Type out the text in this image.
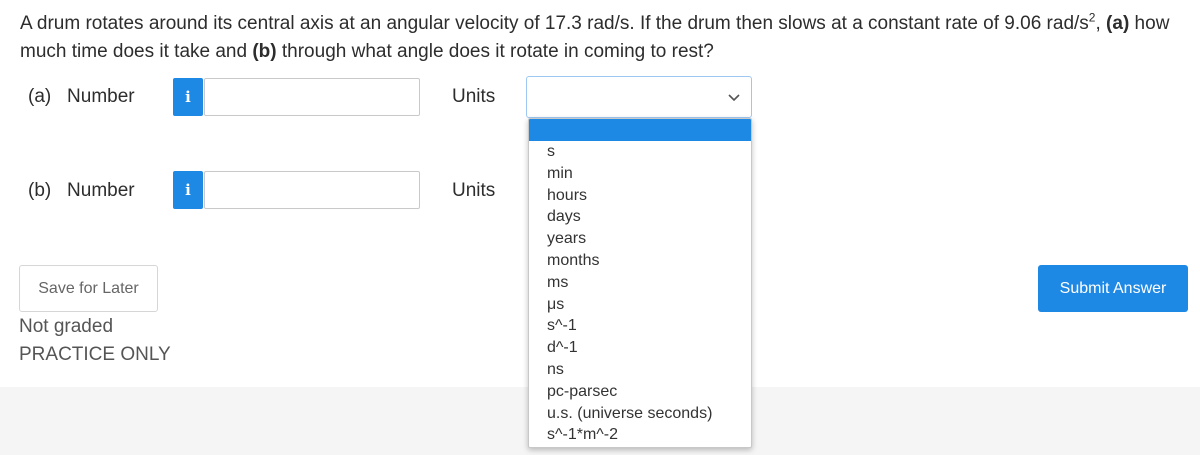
A drum rotates around its central axis at an angular velocity of 17.3 rad/s. If the drum then slows at a constant rate of 9.06 rad/$s^2$, (a) how much time does it take and (b) through what angle does it rotate in coming to rest?
(a)   Number	i	Units
(b)   Number	i	Units
Save for Later
Not graded
PRACTICE ONLY
Submit Answer
s
min
hours
days
years
months
ms
μs
s^-1
d^-1
ns
pc-parsec
u.s. (universe seconds)
s^-1*m^-2
